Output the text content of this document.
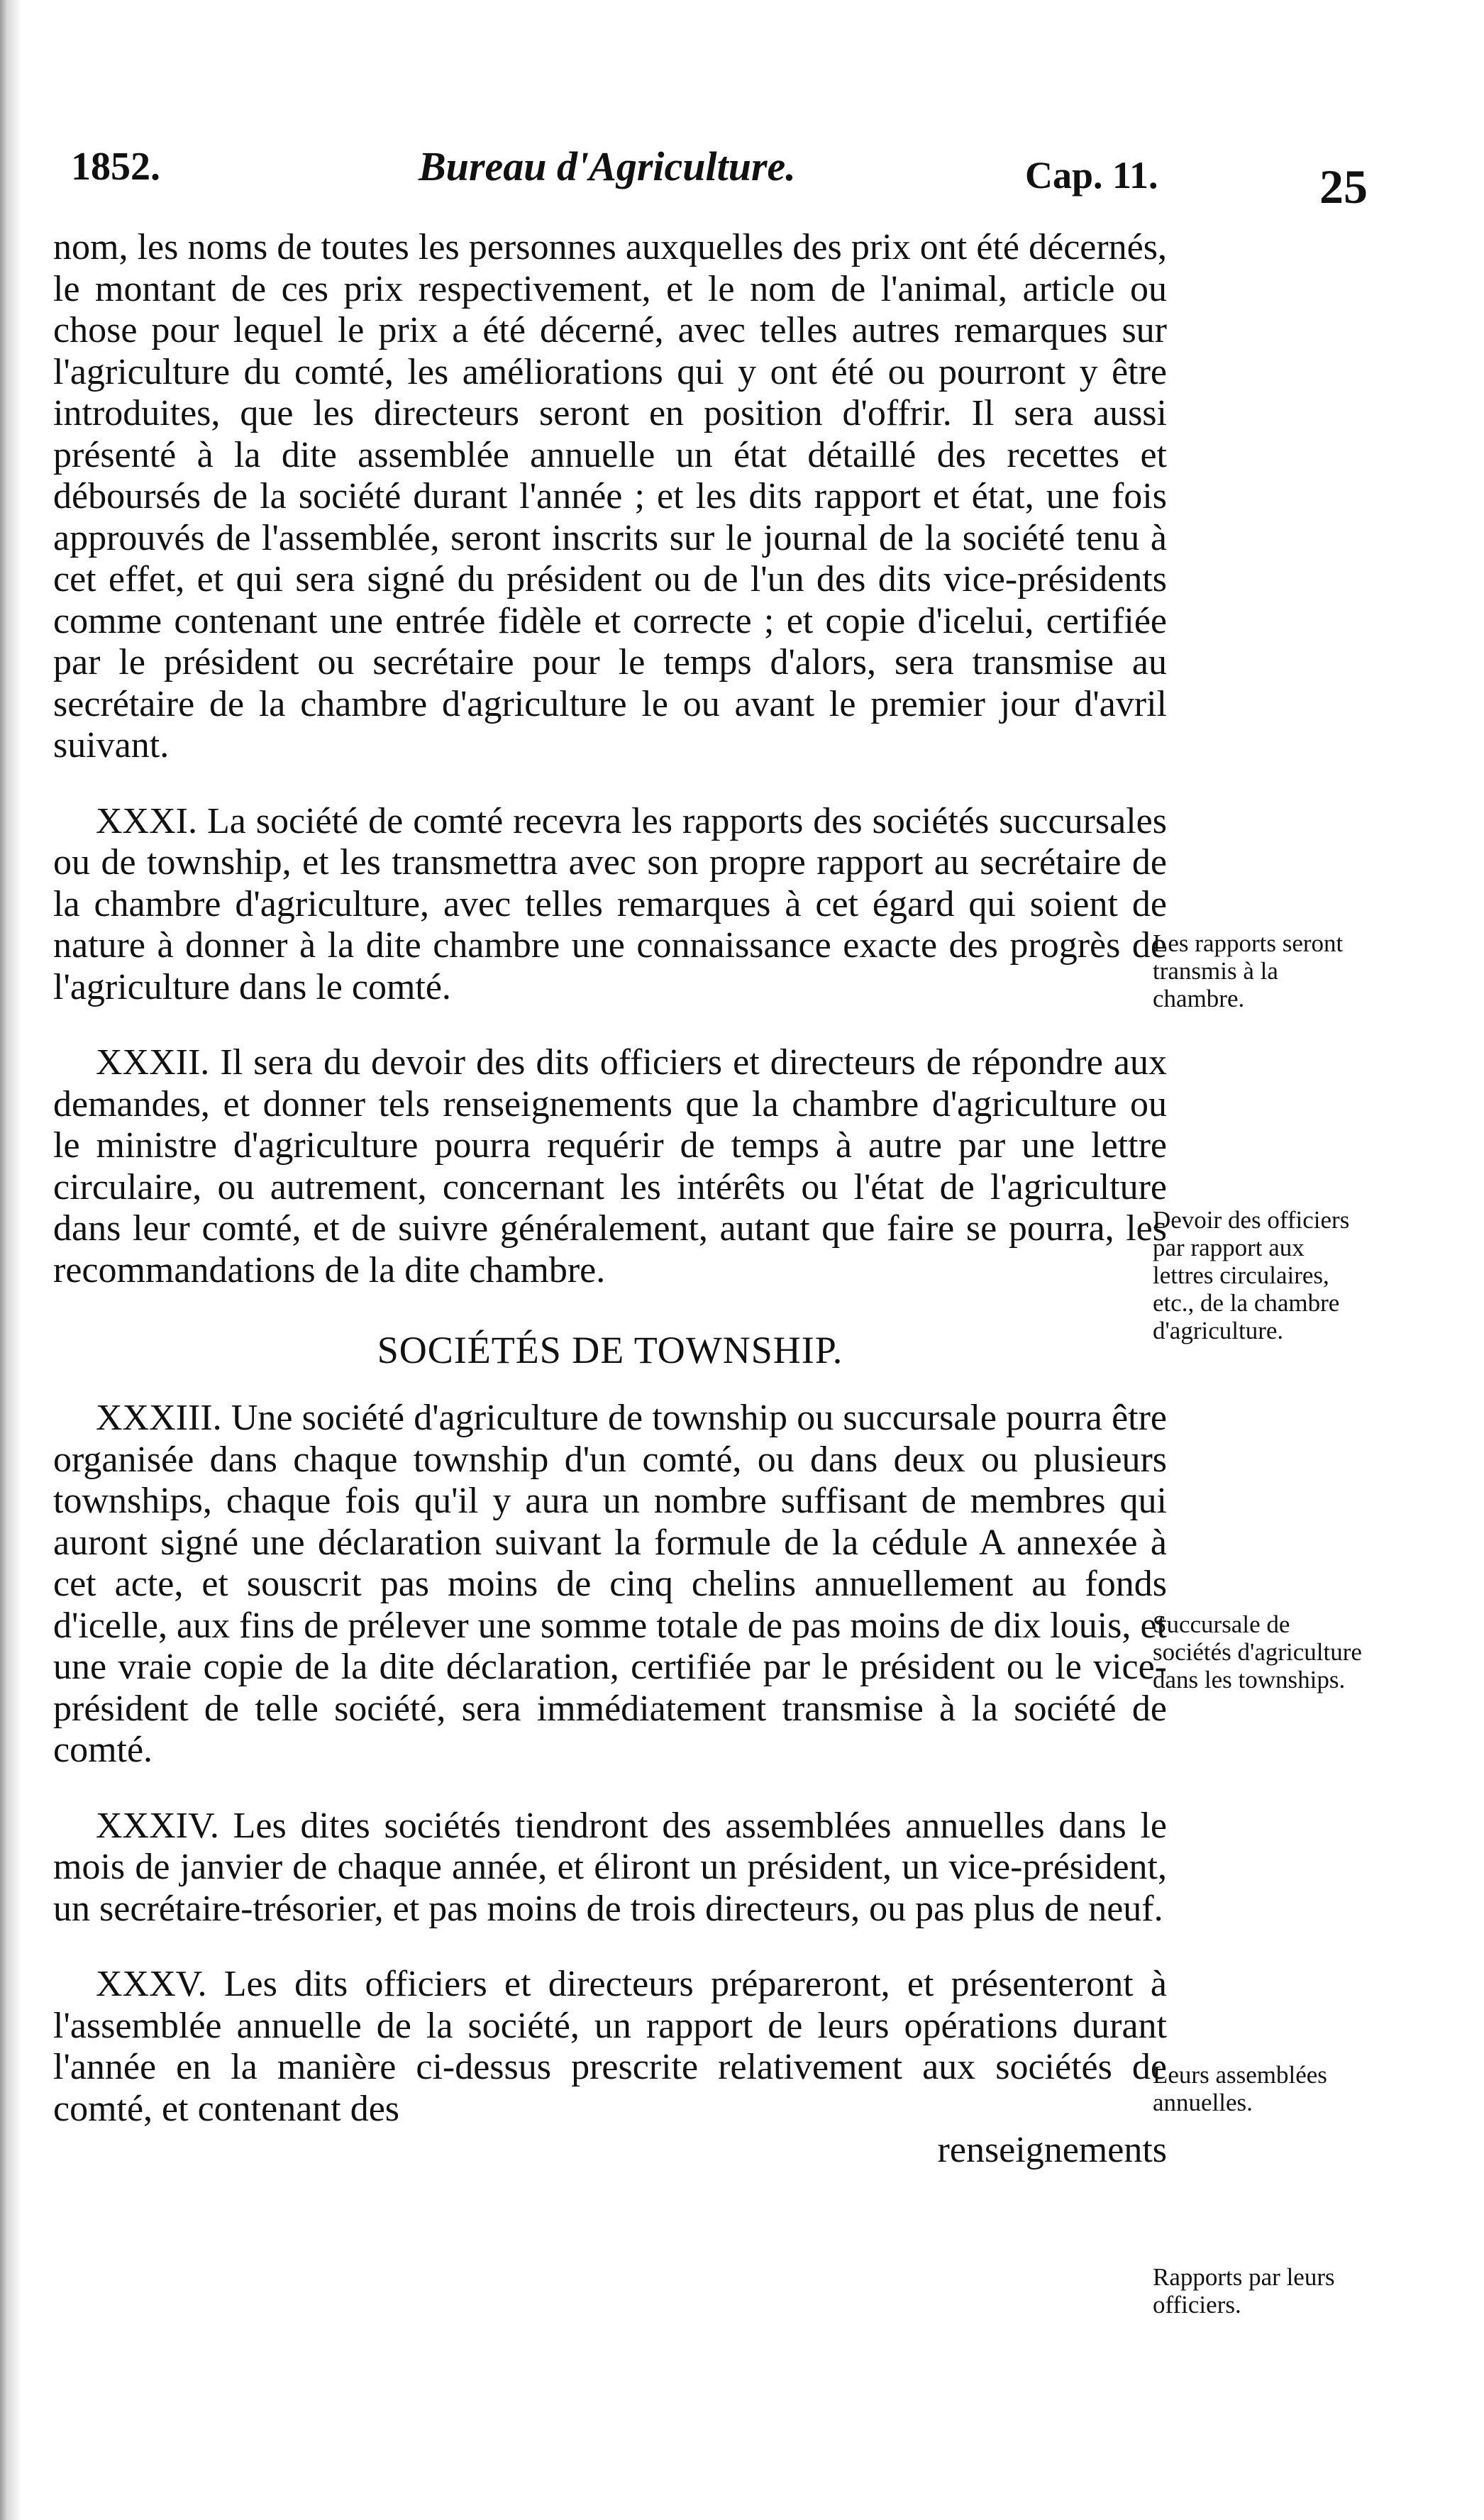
1852.	Bureau d'Agriculture.	Cap. 11.	25

nom, les noms de toutes les personnes auxquelles des prix ont été décernés, le montant de ces prix respectivement, et le nom de l'animal, article ou chose pour lequel le prix a été décerné, avec telles autres remarques sur l'agriculture du comté, les améliorations qui y ont été ou pourront y être introduites, que les directeurs seront en position d'offrir. Il sera aussi présenté à la dite assemblée annuelle un état détaillé des recettes et déboursés de la société durant l'année ; et les dits rapport et état, une fois approuvés de l'assemblée, seront inscrits sur le journal de la société tenu à cet effet, et qui sera signé du président ou de l'un des dits vice-présidents comme contenant une entrée fidèle et correcte ; et copie d'icelui, certifiée par le président ou secrétaire pour le temps d'alors, sera transmise au secrétaire de la chambre d'agriculture le ou avant le premier jour d'avril suivant.

XXXI. La société de comté recevra les rapports des sociétés succursales ou de township, et les transmettra avec son propre rapport au secrétaire de la chambre d'agriculture, avec telles remarques à cet égard qui soient de nature à donner à la dite chambre une connaissance exacte des progrès de l'agriculture dans le comté.

XXXII. Il sera du devoir des dits officiers et directeurs de répondre aux demandes, et donner tels renseignements que la chambre d'agriculture ou le ministre d'agriculture pourra requérir de temps à autre par une lettre circulaire, ou autrement, concernant les intérêts ou l'état de l'agriculture dans leur comté, et de suivre généralement, autant que faire se pourra, les recommandations de la dite chambre.

SOCIÉTÉS DE TOWNSHIP.

XXXIII. Une société d'agriculture de township ou succursale pourra être organisée dans chaque township d'un comté, ou dans deux ou plusieurs townships, chaque fois qu'il y aura un nombre suffisant de membres qui auront signé une déclaration suivant la formule de la cédule A annexée à cet acte, et souscrit pas moins de cinq chelins annuellement au fonds d'icelle, aux fins de prélever une somme totale de pas moins de dix louis, et une vraie copie de la dite déclaration, certifiée par le président ou le vice-président de telle société, sera immédiatement transmise à la société de comté.

XXXIV. Les dites sociétés tiendront des assemblées annuelles dans le mois de janvier de chaque année, et éliront un président, un vice-président, un secrétaire-trésorier, et pas moins de trois directeurs, ou pas plus de neuf.

XXXV. Les dits officiers et directeurs prépareront, et présenteront à l'assemblée annuelle de la société, un rapport de leurs opérations durant l'année en la manière ci-dessus prescrite relativement aux sociétés de comté, et contenant des

renseignements

Les rapports seront transmis à la chambre.
Devoir des officiers par rapport aux lettres circulaires, etc., de la chambre d'agriculture.
Succursale de sociétés d'agriculture dans les townships.
Leurs assemblées annuelles.
Rapports par leurs officiers.
